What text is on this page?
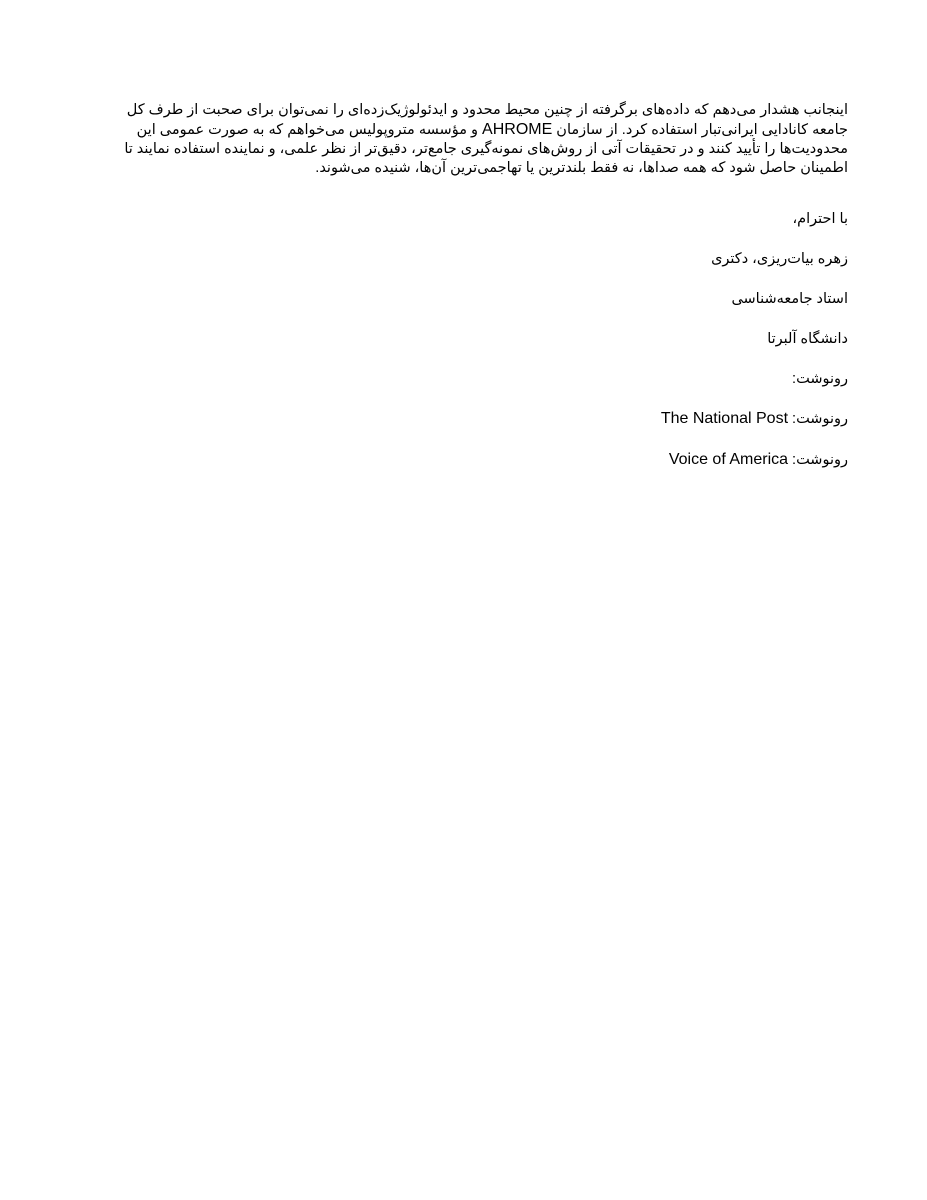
اینجانب هشدار می‌دهم که داده‌های برگرفته از چنین محیط محدود و ایدئولوژیک‌زده‌ای را نمی‌توان برای صحبت از طرف کل جامعه کانادایی ایرانی‌تبار استفاده کرد. از سازمان AHROME و مؤسسه متروپولیس می‌خواهم که به صورت عمومی این محدودیت‌ها را تأیید کنند و در تحقیقات آتی از روش‌های نمونه‌گیری جامع‌تر، دقیق‌تر از نظر علمی، و نماینده استفاده نمایند تا اطمینان حاصل شود که همه صداها، نه فقط بلندترین یا تهاجمی‌ترین آن‌ها، شنیده می‌شوند.

با احترام،

زهره بیات‌ریزی، دکتری

استاد جامعه‌شناسی

دانشگاه آلبرتا

رونوشت:

رونوشت: The National Post

رونوشت: Voice of America
